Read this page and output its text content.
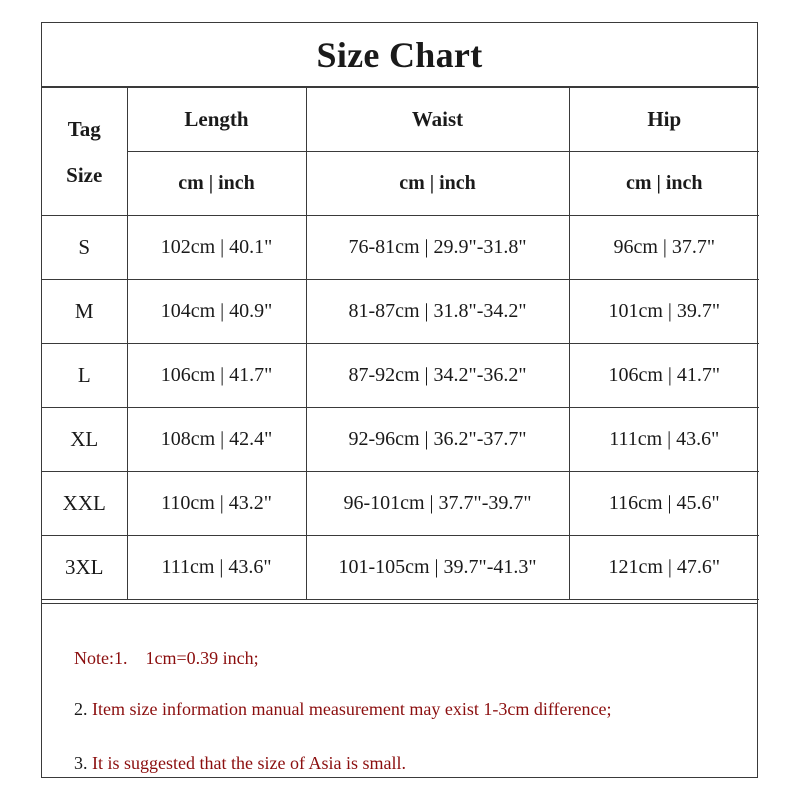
Size Chart
Tag
Size	Length	Waist	Hip
	cm | inch	cm | inch	cm | inch
S	102cm | 40.1"	76-81cm | 29.9"-31.8"	96cm | 37.7"
M	104cm | 40.9"	81-87cm | 31.8"-34.2"	101cm | 39.7"
L	106cm | 41.7"	87-92cm | 34.2"-36.2"	106cm | 41.7"
XL	108cm | 42.4"	92-96cm | 36.2"-37.7"	111cm | 43.6"
XXL	110cm | 43.2"	96-101cm | 37.7"-39.7"	116cm | 45.6"
3XL	111cm | 43.6"	101-105cm | 39.7"-41.3"	121cm | 47.6"

Note:1.    1cm=0.39 inch;

2. Item size information manual measurement may exist 1-3cm difference;

3. It is suggested that the size of Asia is small.
